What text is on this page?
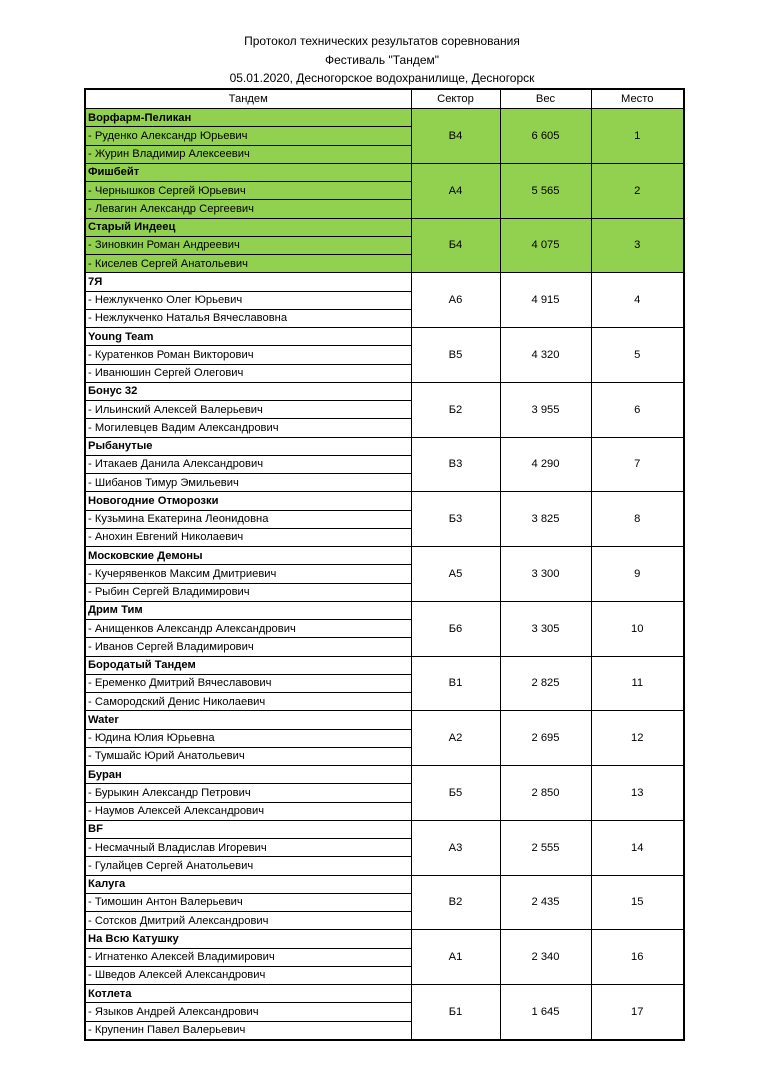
Протокол технических результатов соревнования
Фестиваль "Тандем"
05.01.2020, Десногорское водохранилище, Десногорск
Тандем	Сектор	Вес	Место
Ворфарм-Пеликан	В4	6 605	1
- Руденко Александр Юрьевич			
- Журин Владимир Алексеевич			
Фишбейт	А4	5 565	2
- Чернышков Сергей Юрьевич			
- Левагин Александр Сергеевич			
Старый Индеец	Б4	4 075	3
- Зиновкин Роман Андреевич			
- Киселев Сергей Анатольевич			
7Я	А6	4 915	4
- Нежлукченко Олег Юрьевич			
- Нежлукченко Наталья Вячеславовна			
Young Team	В5	4 320	5
- Куратенков Роман Викторович			
- Иванюшин Сергей Олегович			
Бонус 32	Б2	3 955	6
- Ильинский Алексей Валерьевич			
- Могилевцев Вадим Александрович			
Рыбанутые	В3	4 290	7
- Итакаев Данила Александрович			
- Шибанов Тимур Эмильевич			
Новогодние Отморозки	Б3	3 825	8
- Кузьмина Екатерина Леонидовна			
- Анохин Евгений Николаевич			
Московские Демоны	А5	3 300	9
- Кучерявенков Максим Дмитриевич			
- Рыбин Сергей Владимирович			
Дрим Тим	Б6	3 305	10
- Анищенков Александр Александрович			
- Иванов Сергей Владимирович			
Бородатый Тандем	В1	2 825	11
- Еременко Дмитрий Вячеславович			
- Самородский Денис Николаевич			
Water	А2	2 695	12
- Юдина Юлия Юрьевна			
- Тумшайс Юрий Анатольевич			
Буран	Б5	2 850	13
- Бурыкин Александр Петрович			
- Наумов Алексей Александрович			
BF	А3	2 555	14
- Несмачный Владислав Игоревич			
- Гулайцев Сергей Анатольевич			
Калуга	В2	2 435	15
- Тимошин Антон Валерьевич			
- Сотсков Дмитрий Александрович			
На Всю Катушку	А1	2 340	16
- Игнатенко Алексей Владимирович			
- Шведов Алексей Александрович			
Котлета	Б1	1 645	17
- Языков Андрей Александрович			
- Крупенин Павел Валерьевич			
